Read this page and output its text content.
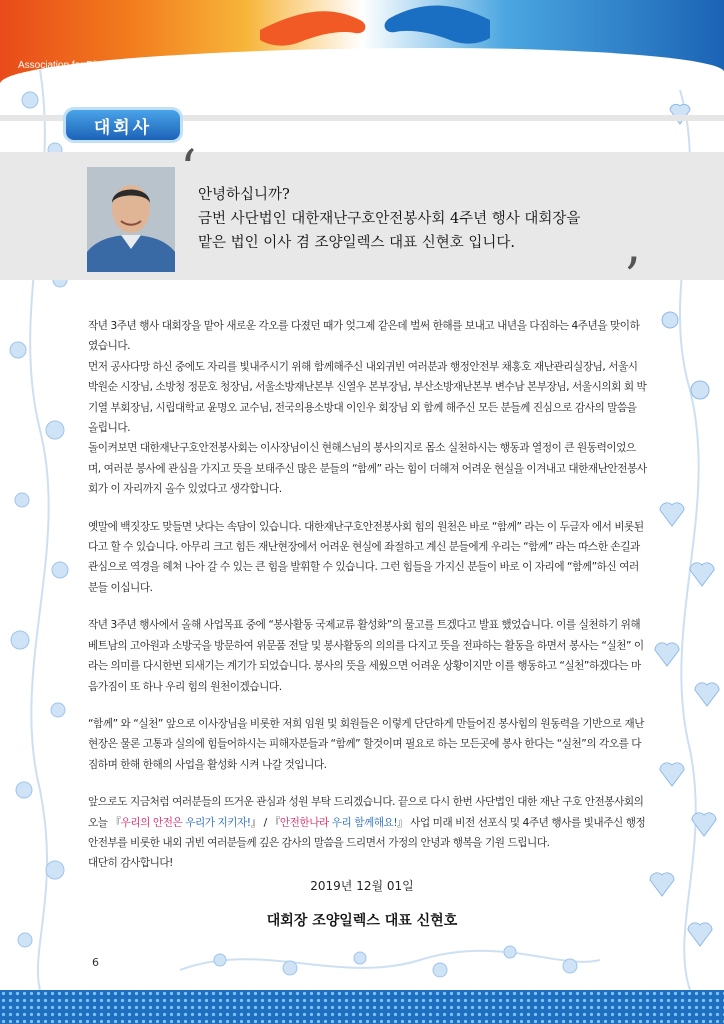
Association for Disaster Relief and Safety Service in Korea
대회사
‘
’
안녕하십니까?
금번 사단법인 대한재난구호안전봉사회 4주년 행사 대회장을
맡은 법인 이사 겸 조양일렉스 대표 신현호 입니다.

작년 3주년 행사 대회장을 맡아 새로운 각오를 다졌던 때가 엊그제 같은데 벌써 한해를 보내고 내년을 다짐하는 4주년을 맞이하였습니다.
먼저 공사다망 하신 중에도 자리를 빛내주시기 위해 함께해주신 내외귀빈 여러분과 행정안전부 채홍호 재난관리실장님, 서울시 박원순 시장님, 소방청 정문호 청장님, 서울소방재난본부 신열우 본부장님, 부산소방재난본부 변수남 본부장님, 서울시의회 회 박기열 부회장님, 시립대학교 윤명오 교수님, 전국의용소방대 이인우 회장님 외 함께 해주신 모든 분들께 진심으로 감사의 말씀을 올립니다.
돌이켜보면 대한재난구호안전봉사회는 이사장님이신 현해스님의 봉사의지로 몸소 실천하시는 행동과 열정이 큰 원동력이었으며, 여러분 봉사에 관심을 가지고 뜻을 보태주신 많은 분들의 “함께” 라는 힘이 더해져 어려운 현실을 이겨내고 대한재난안전봉사회가 이 자리까지 올수 있었다고 생각합니다.

옛말에 백짓장도 맞들면 낫다는 속담이 있습니다. 대한재난구호안전봉사회 힘의 원천은 바로 “함께” 라는 이 두글자 에서 비롯된다고 할 수 있습니다. 아무리 크고 힘든 재난현장에서 어려운 현실에 좌절하고 계신 분들에게 우리는 “함께” 라는 따스한 손길과 관심으로 역경을 헤쳐 나아 갈 수 있는 큰 힘을 발휘할 수 있습니다. 그런 힘들을 가지신 분들이 바로 이 자리에 “함께”하신 여러분들 이십니다.

작년 3주년 행사에서 올해 사업목표 중에 “봉사활동 국제교류 활성화”의 물고를 트겠다고 발표 했었습니다. 이를 실천하기 위해 베트남의 고아원과 소방국을 방문하여 위문품 전달 및 봉사활동의 의의를 다지고 뜻을 전파하는 활동을 하면서 봉사는 “실천” 이라는 의미를 다시한번 되새기는 계기가 되었습니다. 봉사의 뜻을 세웠으면 어려운 상황이지만 이를 행동하고 “실천”하겠다는 마음가짐이 또 하나 우리 힘의 원천이겠습니다.

“함께” 와 “실천” 앞으로 이사장님을 비롯한 저희 임원 및 회원들은 이렇게 단단하게 만들어진 봉사힘의 원동력을 기반으로 재난현장은 물론 고통과 실의에 힘들어하시는 피해자분들과 “함께” 할것이며 필요로 하는 모든곳에 봉사 한다는 “실천”의 각오를 다짐하며 한해 한해의 사업을 활성화 시켜 나갈 것입니다.

앞으로도 지금처럼 여러분들의 뜨거운 관심과 성원 부탁 드리겠습니다. 끝으로 다시 한번 사단법인 대한 재난 구호 안전봉사회의 오늘 『우리의 안전은 우리가 지키자!』 / 『안전한나라 우리 함께해요!』 사업 미래 비전 선포식 및 4주년 행사를 빛내주신 행정안전부를 비롯한 내외 귀빈 여러분들께 깊은 감사의 말씀을 드리면서 가정의 안녕과 행복을 기원 드립니다.
대단히 감사합니다!

2019년 12월 01일
대회장 조양일렉스 대표 신현호
6
